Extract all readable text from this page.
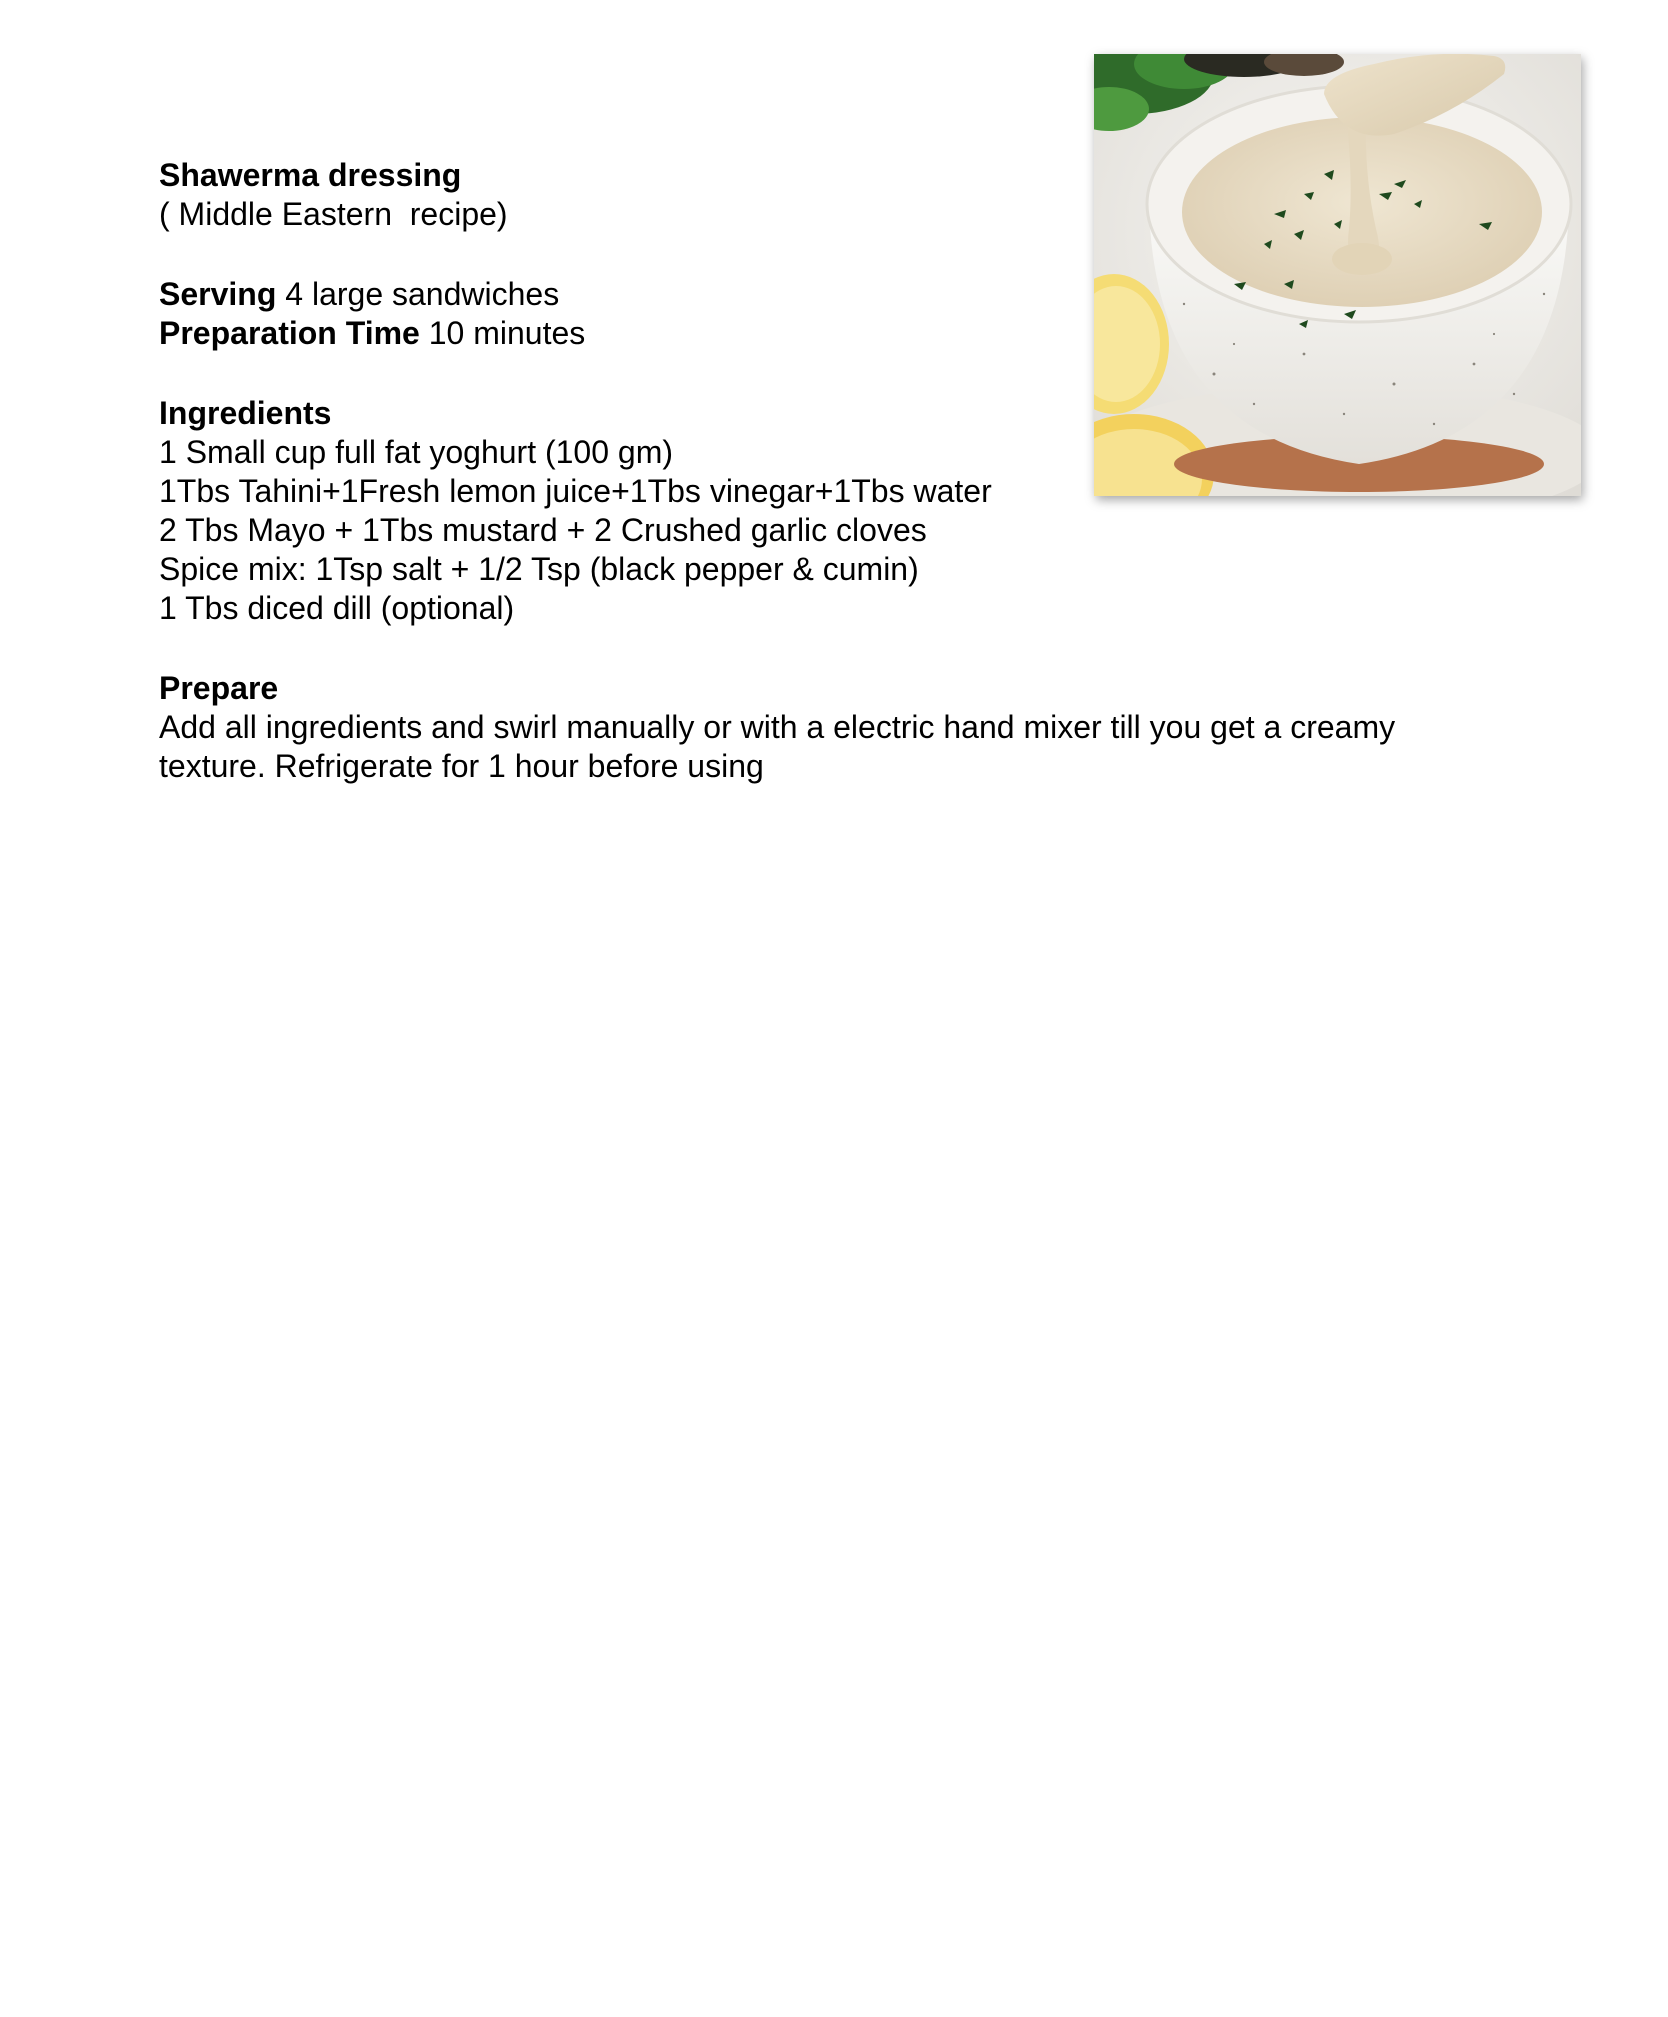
Shawerma dressing
( Middle Eastern  recipe)
Serving 4 large sandwiches
Preparation Time 10 minutes
Ingredients
1 Small cup full fat yoghurt (100 gm)
1Tbs Tahini+1Fresh lemon juice+1Tbs vinegar+1Tbs water
2 Tbs Mayo + 1Tbs mustard + 2 Crushed garlic cloves
Spice mix: 1Tsp salt + 1/2 Tsp (black pepper & cumin)
1 Tbs diced dill (optional)
Prepare
Add all ingredients and swirl manually or with a electric hand mixer till you get a creamy texture. Refrigerate for 1 hour before using
